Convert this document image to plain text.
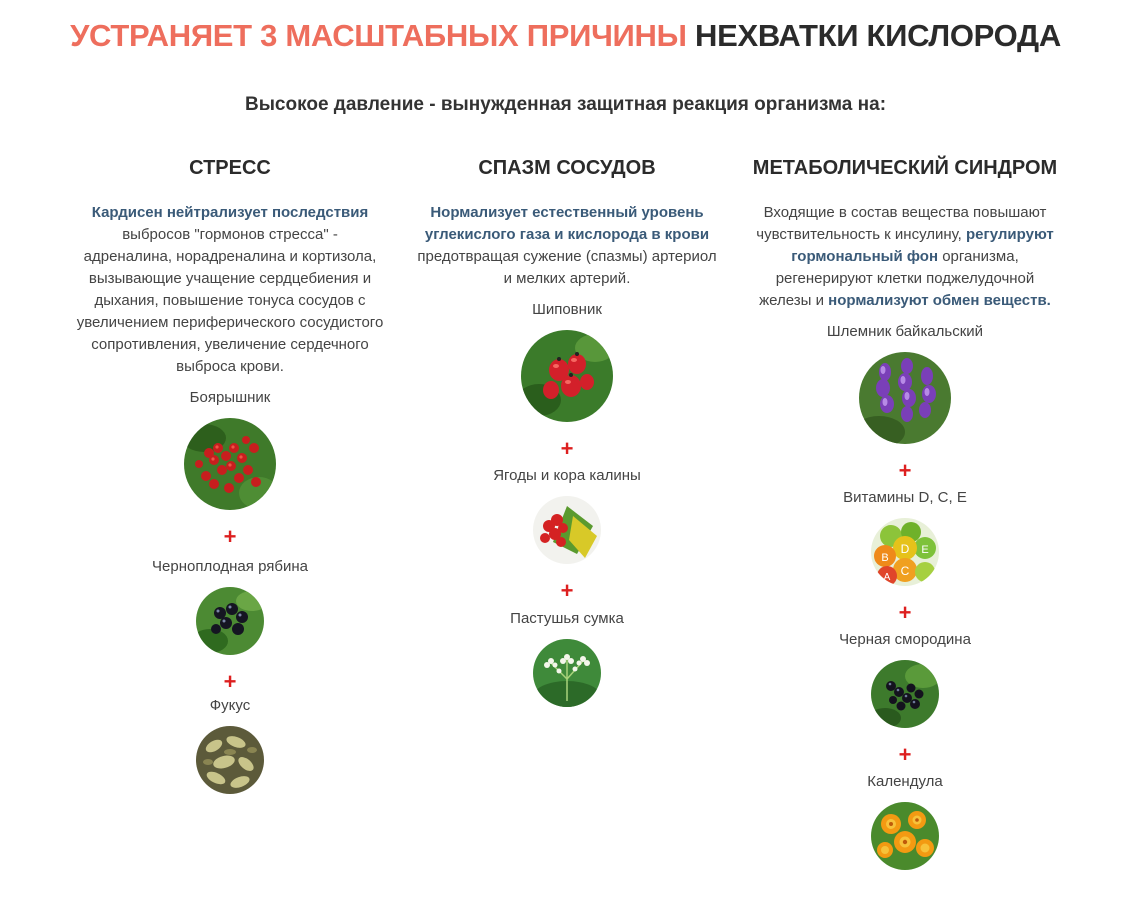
УСТРАНЯЕТ 3 МАСШТАБНЫХ ПРИЧИНЫ НЕХВАТКИ КИСЛОРОДА
Высокое давление - вынужденная защитная реакция организма на:
СТРЕСС
Кардисен нейтрализует последствия выбросов "гормонов стресса" - адреналина, норадреналина и кортизола, вызывающие учащение сердцебиения и дыхания, повышение тонуса сосудов с увеличением периферического сосудистого сопротивления, увеличение сердечного выброса крови.
Боярышник
+
Черноплодная рябина
+
Фукус
СПАЗМ СОСУДОВ
Нормализует естественный уровень углекислого газа и кислорода в крови предотвращая сужение (спазмы) артериол и мелких артерий.
Шиповник
+
Ягоды и кора калины
+
Пастушья сумка
МЕТАБОЛИЧЕСКИЙ СИНДРОМ
Входящие в состав вещества повышают чувствительность к инсулину, регулируют гормональный фон организма, регенерируют клетки поджелудочной железы и нормализуют обмен веществ.
Шлемник байкальский
+
Витамины D, C, E
D
C
E
B
A
+
Черная смородина
+
Календула
